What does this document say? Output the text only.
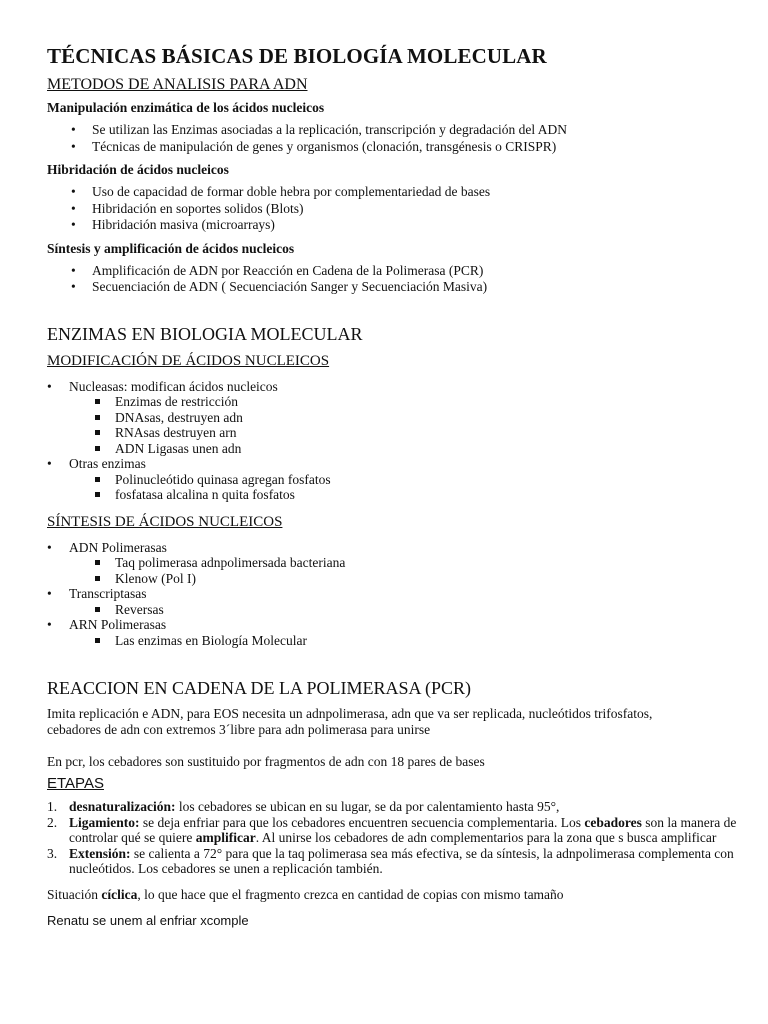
TÉCNICAS BÁSICAS DE BIOLOGÍA MOLECULAR
METODOS DE ANALISIS PARA ADN
Manipulación enzimática de los ácidos nucleicos
• Se utilizan las Enzimas asociadas a la replicación, transcripción y degradación del ADN
• Técnicas de manipulación de genes y organismos (clonación, transgénesis o CRISPR)
Hibridación de ácidos nucleicos
• Uso de capacidad de formar doble hebra por complementariedad de bases
• Hibridación en soportes solidos (Blots)
• Hibridación masiva (microarrays)
Síntesis y amplificación de ácidos nucleicos
• Amplificación de ADN por Reacción en Cadena de la Polimerasa (PCR)
• Secuenciación de ADN ( Secuenciación Sanger y Secuenciación Masiva)
ENZIMAS EN BIOLOGIA MOLECULAR
MODIFICACIÓN DE ÁCIDOS NUCLEICOS
• Nucleasas: modifican ácidos nucleicos
Enzimas de restricción
DNAsas, destruyen adn
RNAsas destruyen arn
ADN Ligasas unen adn
• Otras enzimas
Polinucleótido quinasa agregan fosfatos
fosfatasa alcalina n quita fosfatos
SÍNTESIS DE ÁCIDOS NUCLEICOS
• ADN Polimerasas
Taq polimerasa adnpolimersada bacteriana
Klenow (Pol I)
• Transcriptasas
Reversas
• ARN Polimerasas
Las enzimas en Biología Molecular
REACCION EN CADENA DE LA POLIMERASA (PCR)

Imita replicación e ADN, para EOS necesita un adnpolimerasa, adn que va ser replicada, nucleótidos trifosfatos,
cebadores de adn con extremos 3´libre para adn polimerasa para unirse

En pcr, los cebadores son sustituido por fragmentos de adn con 18 pares de bases

ETAPAS
1. desnaturalización: los cebadores se ubican en su lugar, se da por calentamiento hasta 95°,
2. Ligamiento: se deja enfriar para que los cebadores encuentren secuencia complementaria. Los cebadores son la manera de controlar qué se quiere amplificar. Al unirse los cebadores de adn complementarios para la zona que s busca amplificar
3. Extensión: se calienta a 72° para que la taq polimerasa sea más efectiva, se da síntesis, la adnpolimerasa complementa con nucleótidos. Los cebadores se unen a replicación también.

Situación cíclica, lo que hace que el fragmento crezca en cantidad de copias con mismo tamaño

Renatu se unem al enfriar xcomple
